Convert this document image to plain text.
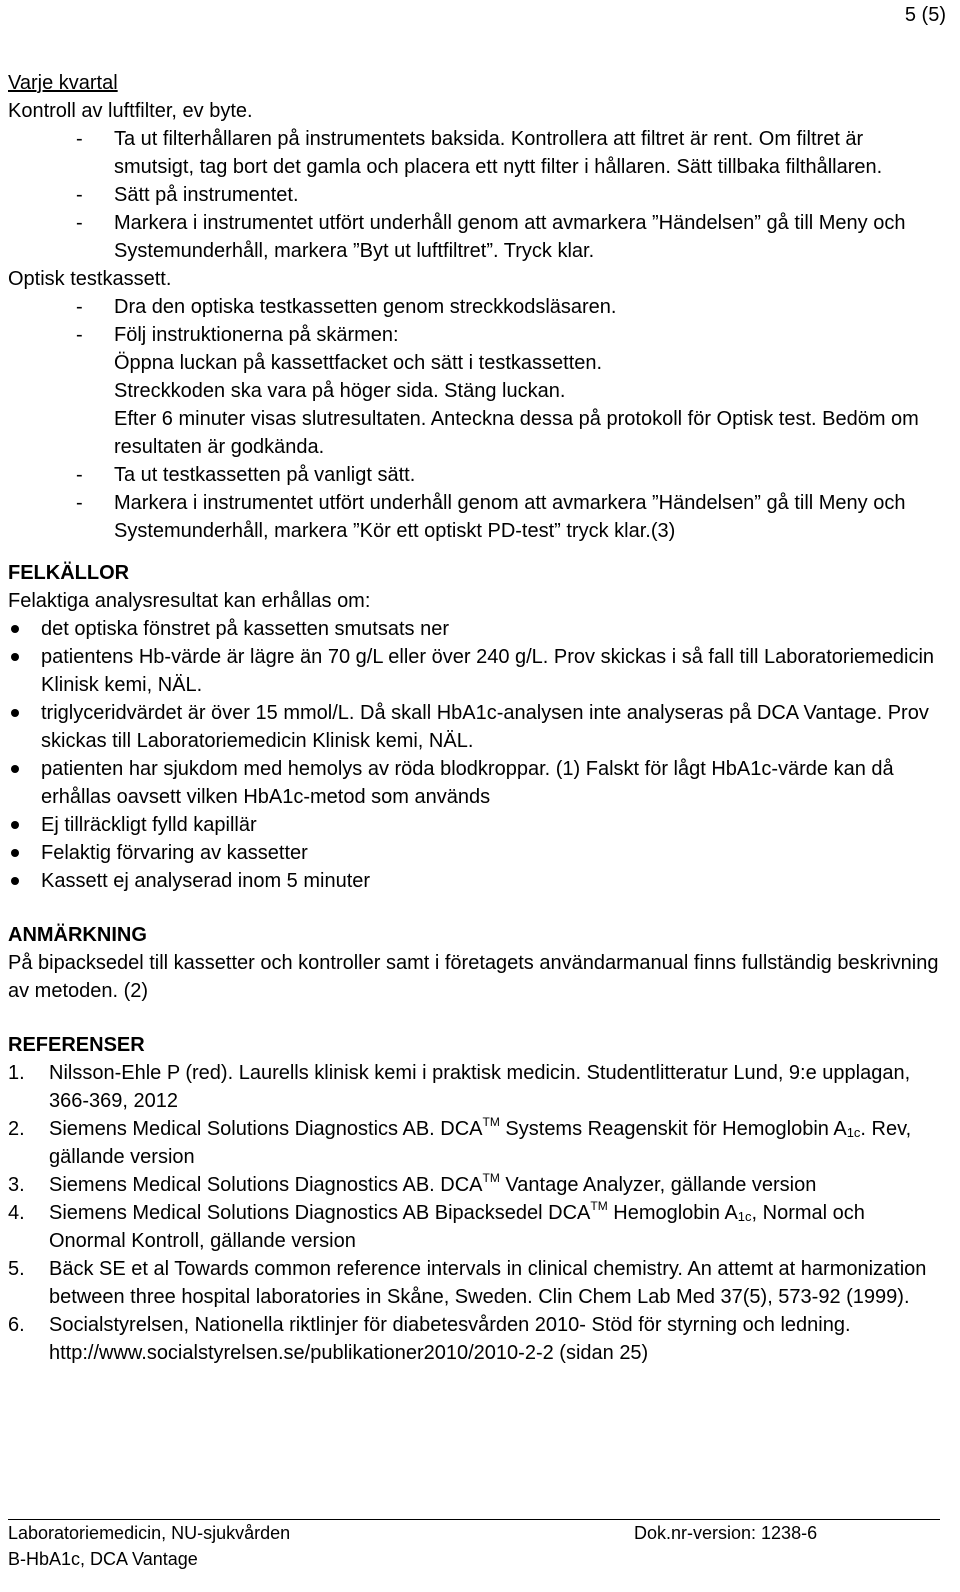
5 (5)

Varje kvartal

Kontroll av luftfilter, ev byte.

- Ta ut filterhållaren på instrumentets baksida. Kontrollera att filtret är rent. Om filtret är smutsigt, tag bort det gamla och placera ett nytt filter i hållaren. Sätt tillbaka filthållaren.
- Sätt på instrumentet.
- Markera i instrumentet utfört underhåll genom att avmarkera ”Händelsen” gå till Meny och Systemunderhåll, markera ”Byt ut luftfiltret”. Tryck klar.

Optisk testkassett.

- Dra den optiska testkassetten genom streckkodsläsaren.
- Följ instruktionerna på skärmen:
Öppna luckan på kassettfacket och sätt i testkassetten.
Streckkoden ska vara på höger sida. Stäng luckan.
Efter 6 minuter visas slutresultaten. Anteckna dessa på protokoll för Optisk test. Bedöm om resultaten är godkända.
- Ta ut testkassetten på vanligt sätt.
- Markera i instrumentet utfört underhåll genom att avmarkera ”Händelsen” gå till Meny och Systemunderhåll, markera ”Kör ett optiskt PD-test” tryck klar.(3)

FELKÄLLOR

Felaktiga analysresultat kan erhållas om:

det optiska fönstret på kassetten smutsats ner
patientens Hb-värde är lägre än 70 g/L eller över 240 g/L. Prov skickas i så fall till Laboratoriemedicin Klinisk kemi, NÄL.
triglyceridvärdet är över 15 mmol/L. Då skall HbA1c-analysen inte analyseras på DCA Vantage. Prov skickas till Laboratoriemedicin Klinisk kemi, NÄL.
patienten har sjukdom med hemolys av röda blodkroppar. (1) Falskt för lågt HbA1c-värde kan då erhållas oavsett vilken HbA1c-metod som används
Ej tillräckligt fylld kapillär
Felaktig förvaring av kassetter
Kassett ej analyserad inom 5 minuter

ANMÄRKNING

På bipacksedel till kassetter och kontroller samt i företagets användarmanual finns fullständig beskrivning av metoden. (2)

REFERENSER

1. Nilsson-Ehle P (red). Laurells klinisk kemi i praktisk medicin. Studentlitteratur Lund, 9:e upplagan, 366-369, 2012
2. Siemens Medical Solutions Diagnostics AB. DCA™ Systems Reagenskit för Hemoglobin $A_{1c}$. Rev, gällande version
3. Siemens Medical Solutions Diagnostics AB. DCA™ Vantage Analyzer, gällande version
4. Siemens Medical Solutions Diagnostics AB Bipacksedel DCA™ Hemoglobin $A_{1c}$, Normal och Onormal Kontroll, gällande version
5. Bäck SE et al Towards common reference intervals in clinical chemistry. An attemt at harmonization between three hospital laboratories in Skåne, Sweden. Clin Chem Lab Med 37(5), 573-92 (1999).
6. Socialstyrelsen, Nationella riktlinjer för diabetesvården 2010- Stöd för styrning och ledning. http://www.socialstyrelsen.se/publikationer2010/2010-2-2 (sidan 25)
Laboratoriemedicin, NU-sjukvården	Dok.nr-version: 1238-6
B-HbA1c, DCA Vantage
